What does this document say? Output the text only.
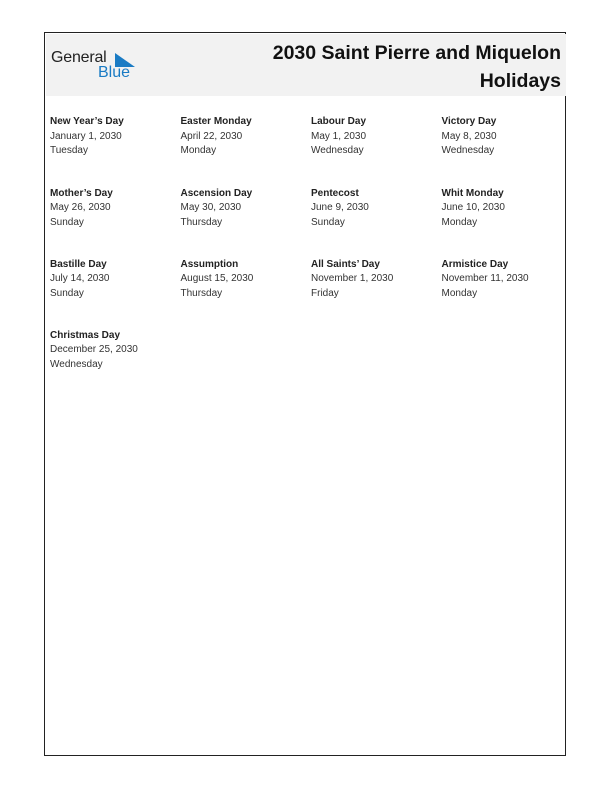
General
Blue
2030 Saint Pierre and Miquelon Holidays
New Year’s Day
January 1, 2030
Tuesday
Easter Monday
April 22, 2030
Monday
Labour Day
May 1, 2030
Wednesday
Victory Day
May 8, 2030
Wednesday
Mother’s Day
May 26, 2030
Sunday
Ascension Day
May 30, 2030
Thursday
Pentecost
June 9, 2030
Sunday
Whit Monday
June 10, 2030
Monday
Bastille Day
July 14, 2030
Sunday
Assumption
August 15, 2030
Thursday
All Saints’ Day
November 1, 2030
Friday
Armistice Day
November 11, 2030
Monday
Christmas Day
December 25, 2030
Wednesday
